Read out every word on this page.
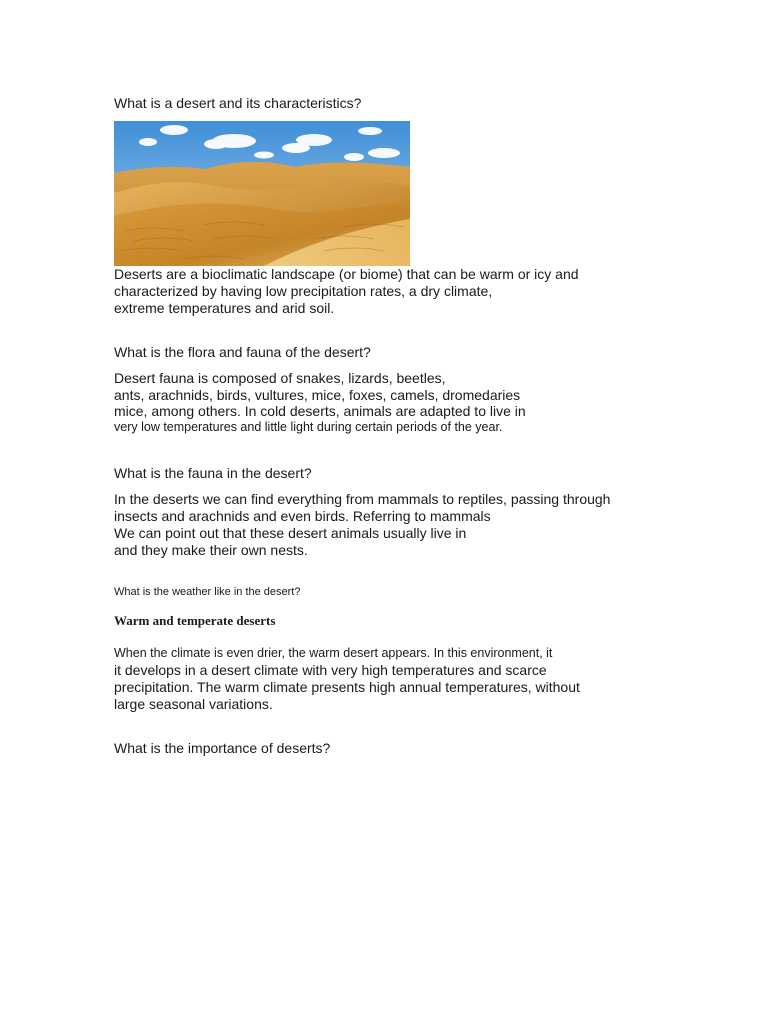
What is a desert and its characteristics?
Deserts are a bioclimatic landscape (or biome) that can be warm or icy and
characterized by having low precipitation rates, a dry climate,
extreme temperatures and arid soil.
What is the flora and fauna of the desert?
Desert fauna is composed of snakes, lizards, beetles,
ants, arachnids, birds, vultures, mice, foxes, camels, dromedaries
mice, among others. In cold deserts, animals are adapted to live in
very low temperatures and little light during certain periods of the year.
What is the fauna in the desert?
In the deserts we can find everything from mammals to reptiles, passing through
insects and arachnids and even birds. Referring to mammals
We can point out that these desert animals usually live in
and they make their own nests.
What is the weather like in the desert?
Warm and temperate deserts
When the climate is even drier, the warm desert appears. In this environment, it
it develops in a desert climate with very high temperatures and scarce
precipitation. The warm climate presents high annual temperatures, without
large seasonal variations.
What is the importance of deserts?
